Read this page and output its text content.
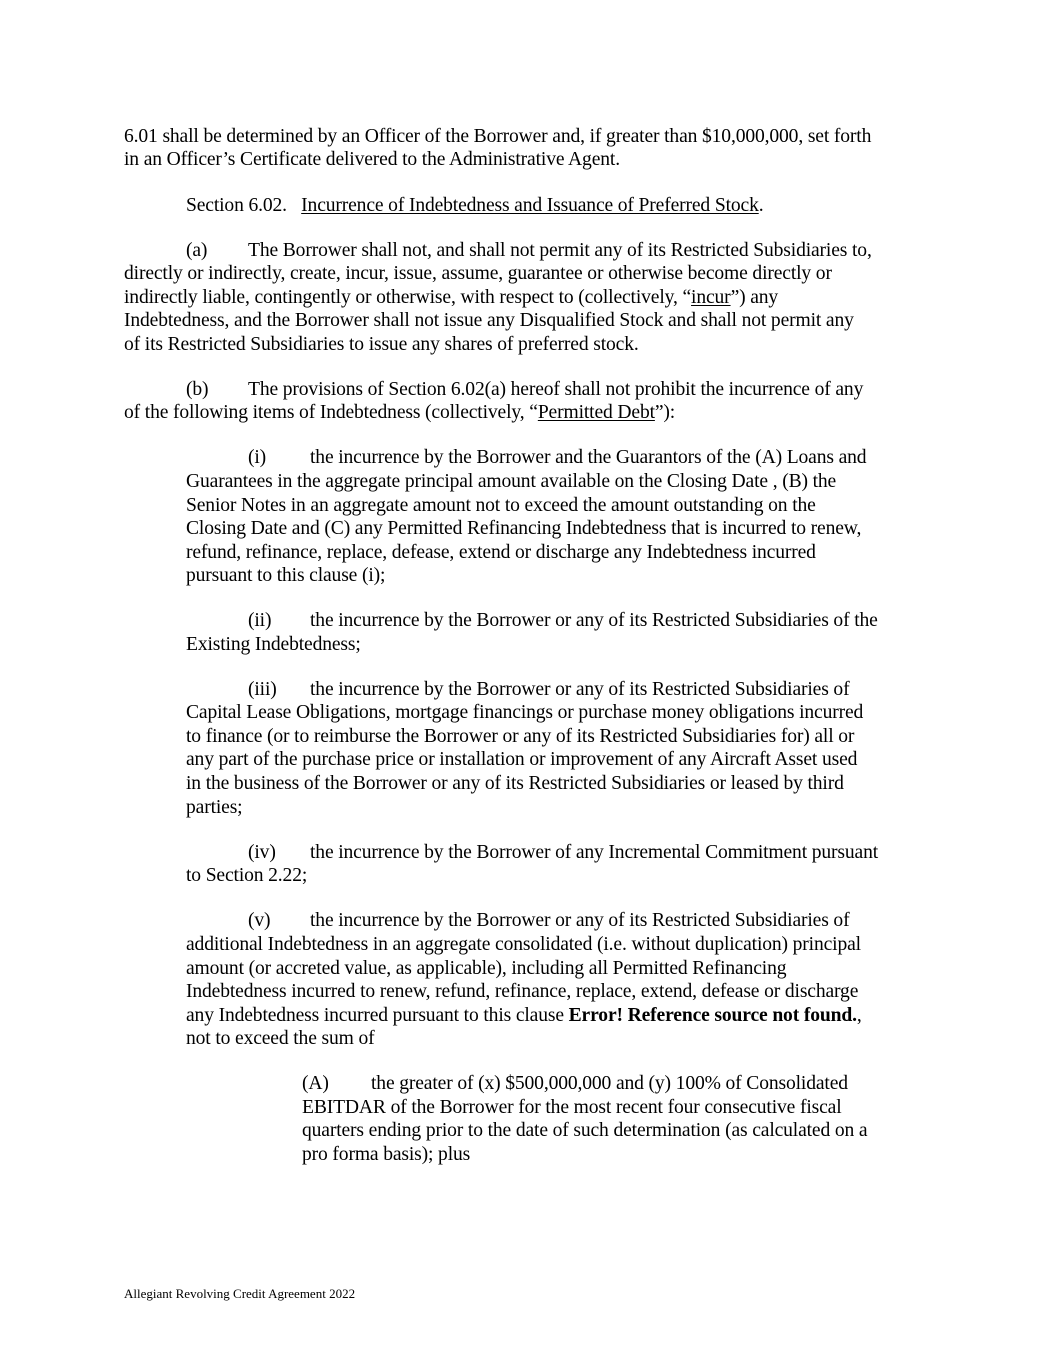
6.01 shall be determined by an Officer of the Borrower and, if greater than $10,000,000, set forth
in an Officer’s Certificate delivered to the Administrative Agent.
Section 6.02. Incurrence of Indebtedness and Issuance of Preferred Stock.
(a) The Borrower shall not, and shall not permit any of its Restricted Subsidiaries to,
directly or indirectly, create, incur, issue, assume, guarantee or otherwise become directly or
indirectly liable, contingently or otherwise, with respect to (collectively, “incur”) any
Indebtedness, and the Borrower shall not issue any Disqualified Stock and shall not permit any
of its Restricted Subsidiaries to issue any shares of preferred stock.
(b) The provisions of Section 6.02(a) hereof shall not prohibit the incurrence of any
of the following items of Indebtedness (collectively, “Permitted Debt”):
(i) the incurrence by the Borrower and the Guarantors of the (A) Loans and
Guarantees in the aggregate principal amount available on the Closing Date , (B) the
Senior Notes in an aggregate amount not to exceed the amount outstanding on the
Closing Date and (C) any Permitted Refinancing Indebtedness that is incurred to renew,
refund, refinance, replace, defease, extend or discharge any Indebtedness incurred
pursuant to this clause (i);
(ii) the incurrence by the Borrower or any of its Restricted Subsidiaries of the
Existing Indebtedness;
(iii) the incurrence by the Borrower or any of its Restricted Subsidiaries of
Capital Lease Obligations, mortgage financings or purchase money obligations incurred
to finance (or to reimburse the Borrower or any of its Restricted Subsidiaries for) all or
any part of the purchase price or installation or improvement of any Aircraft Asset used
in the business of the Borrower or any of its Restricted Subsidiaries or leased by third
parties;
(iv) the incurrence by the Borrower of any Incremental Commitment pursuant
to Section 2.22;
(v) the incurrence by the Borrower or any of its Restricted Subsidiaries of
additional Indebtedness in an aggregate consolidated (i.e. without duplication) principal
amount (or accreted value, as applicable), including all Permitted Refinancing
Indebtedness incurred to renew, refund, refinance, replace, extend, defease or discharge
any Indebtedness incurred pursuant to this clause Error! Reference source not found.,
not to exceed the sum of
(A) the greater of (x) $500,000,000 and (y) 100% of Consolidated
EBITDAR of the Borrower for the most recent four consecutive fiscal
quarters ending prior to the date of such determination (as calculated on a
pro forma basis); plus
Allegiant Revolving Credit Agreement 2022
